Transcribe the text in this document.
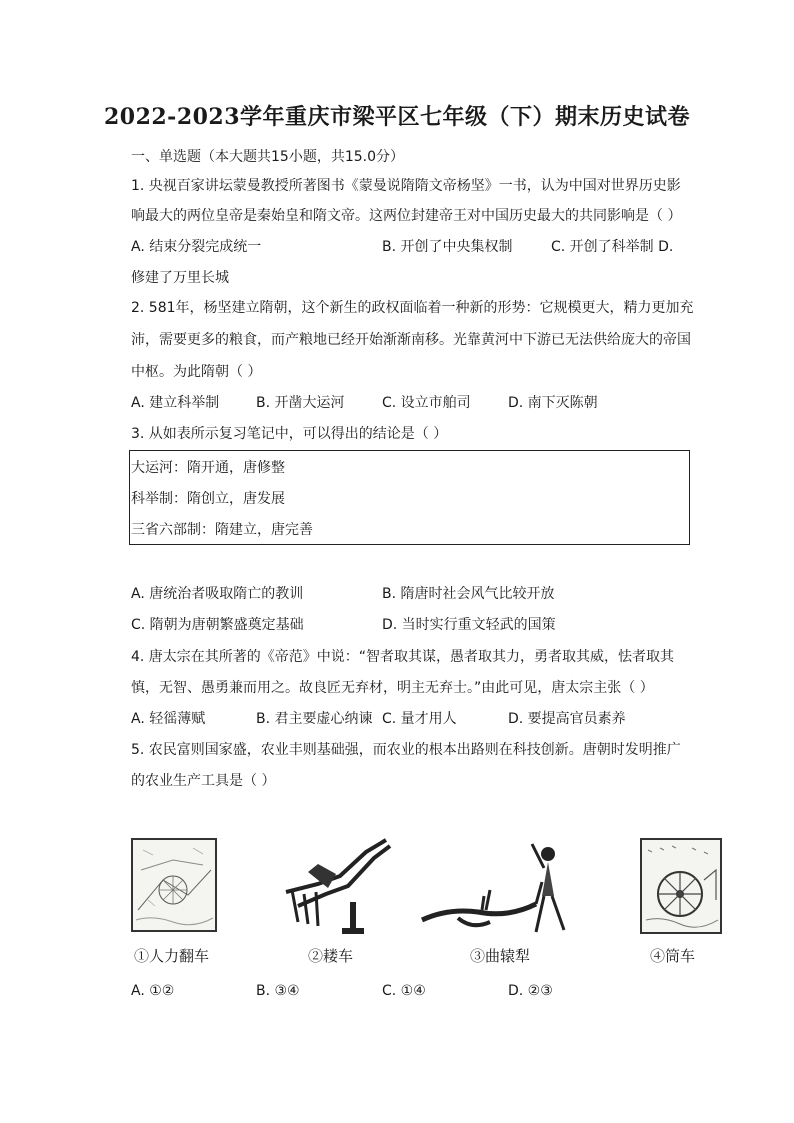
2022-2023学年重庆市梁平区七年级（下）期末历史试卷
一、单选题（本大题共15小题，共15.0分）
1. 央视百家讲坛蒙曼教授所著图书《蒙曼说隋隋文帝杨坚》一书，认为中国对世界历史影
响最大的两位皇帝是秦始皇和隋文帝。这两位封建帝王对中国历史最大的共同影响是（ ）
A. 结束分裂完成统一	B. 开创了中央集权制	C. 开创了科举制 D.
修建了万里长城
2. 581年，杨坚建立隋朝，这个新生的政权面临着一种新的形势：它规模更大，精力更加充
沛，需要更多的粮食，而产粮地已经开始渐渐南移。光靠黄河中下游已无法供给庞大的帝国
中枢。为此隋朝（ ）
A. 建立科举制	B. 开凿大运河	C. 设立市舶司	D. 南下灭陈朝
3. 从如表所示复习笔记中，可以得出的结论是（ ）
大运河：隋开通，唐修整
科举制：隋创立，唐发展
三省六部制：隋建立，唐完善
A. 唐统治者吸取隋亡的教训	B. 隋唐时社会风气比较开放
C. 隋朝为唐朝繁盛奠定基础	D. 当时实行重文轻武的国策
4. 唐太宗在其所著的《帝范》中说：“智者取其谋，愚者取其力，勇者取其威，怯者取其
慎，无智、愚勇兼而用之。故良匠无弃材，明主无弃士。”由此可见，唐太宗主张（ ）
A. 轻徭薄赋	B. 君主要虚心纳谏 C. 量才用人	D. 要提高官员素养
5. 农民富则国家盛，农业丰则基础强，而农业的根本出路则在科技创新。唐朝时发明推广
的农业生产工具是（ ）
①人力翻车	②耧车	③曲辕犁	④筒车
A. ①②	B. ③④	C. ①④	D. ②③
